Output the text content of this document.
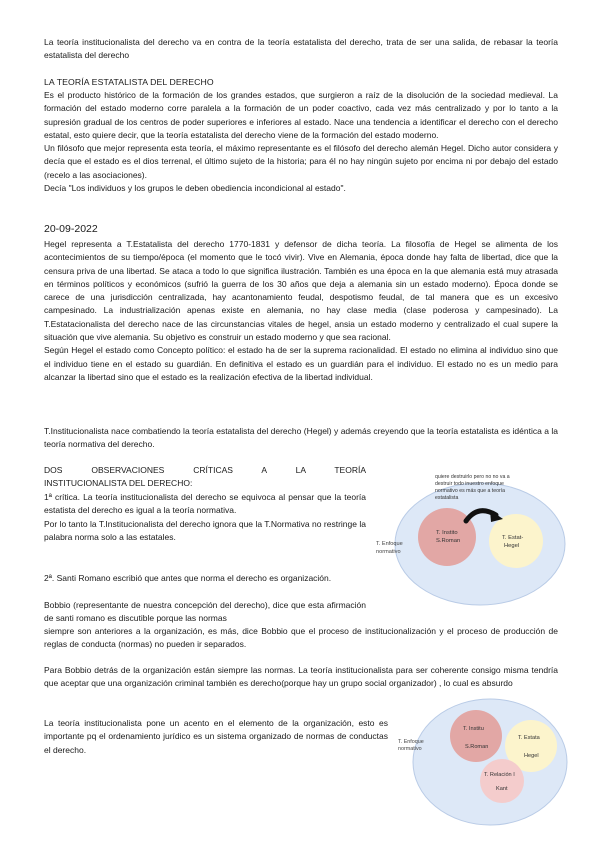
La teoría institucionalista del derecho va en contra de la teoría estatalista del derecho, trata de ser una salida, de rebasar la teoría estatalista del derecho

LA TEORÍA ESTATALISTA DEL DERECHO

Es el producto histórico de la formación de los grandes estados, que surgieron a raíz de la disolución de la sociedad medieval. La formación del estado moderno corre paralela a la formación de un poder coactivo, cada vez más centralizado y por lo tanto a la supresión gradual de los centros de poder superiores e inferiores al estado. Nace una tendencia a identificar el derecho con el derecho estatal, esto quiere decir, que la teoría estatalista del derecho viene de la formación del estado moderno.

Un filósofo que mejor representa esta teoría, el máximo representante es el filósofo del derecho alemán Hegel. Dicho autor considera y decía que el estado es el dios terrenal, el último sujeto de la historia; para él no hay ningún sujeto por encima ni por debajo del estado (recelo a las asociaciones).

Decía "Los individuos y los grupos le deben obediencia incondicional al estado".

20-09-2022

Hegel representa a T.Estatalista del derecho 1770-1831 y defensor de dicha teoría. La filosofía de Hegel se alimenta de los acontecimientos de su tiempo/época (el momento que le tocó vivir). Vive en Alemania, época donde hay falta de libertad, dice que la censura priva de una libertad. Se ataca a todo lo que significa ilustración. También es una época en la que alemania está muy atrasada en términos políticos y económicos (sufrió la guerra de los 30 años que deja a alemania sin un estado moderno). Época donde se carece de una jurisdicción centralizada, hay acantonamiento feudal, despotismo feudal, de tal manera que es un excesivo campesinado. La industrialización apenas existe en alemania, no hay clase media (clase poderosa y campesinado). La T.Estatacionalista del derecho nace de las circunstancias vitales de hegel, ansia un estado moderno y centralizado el cual supere la situación que vive alemania. Su objetivo es construir un estado moderno y que sea racional.

Según Hegel el estado como Concepto político: el estado ha de ser la suprema racionalidad. El estado no elimina al individuo sino que el individuo tiene en el estado su guardián. En definitiva el estado es un guardián para el individuo. El estado no es un medio para alcanzar la libertad sino que el estado es la realización efectiva de la libertad individual.

T.Institucionalista nace combatiendo la teoría estatalista del derecho (Hegel) y además creyendo que la teoría estatalista es idéntica a la teoría normativa del derecho.

DOS OBSERVACIONES CRÍTICAS A LA TEORÍA

INSTITUCIONALISTA DEL DERECHO:

1ª crítica. La teoría institucionalista del derecho se equivoca al pensar que la teoría estatista del derecho es igual a la teoría normativa.

Por lo tanto la T.Institucionalista del derecho ignora que la T.Normativa no restringe la palabra norma solo a las estatales.

2ª. Santi Romano escribió que antes que norma el derecho es organización.

Bobbio (representante de nuestra concepción del derecho), dice que esta afirmación de santi romano es discutible porque las normas

siempre son anteriores a la organización, es más, dice Bobbio que el proceso de institucionalización y el proceso de producción de reglas de conducta (normas) no pueden ir separados.

Para Bobbio detrás de la organización están siempre las normas. La teoría institucionalista para ser coherente consigo misma tendría que aceptar que una organización criminal también es derecho(porque hay un grupo social organizador) , lo cual es absurdo

La teoría institucionalista pone un acento en el elemento de la organización, esto es importante pq el ordenamiento jurídico es un sistema organizado de normas de conductas el derecho.

quiere destruirlo pero no no va a
destruir todo inuestro enfoque
normativo es más que a teoría
estatalista
T. Enfoque
normativo
T. Instito
S.Roman	T. Estat-
Hegel
T. Enfoque
normativo
T. Institu
S.Roman
T. Estata
Hegel
T. Relación I
Kant
